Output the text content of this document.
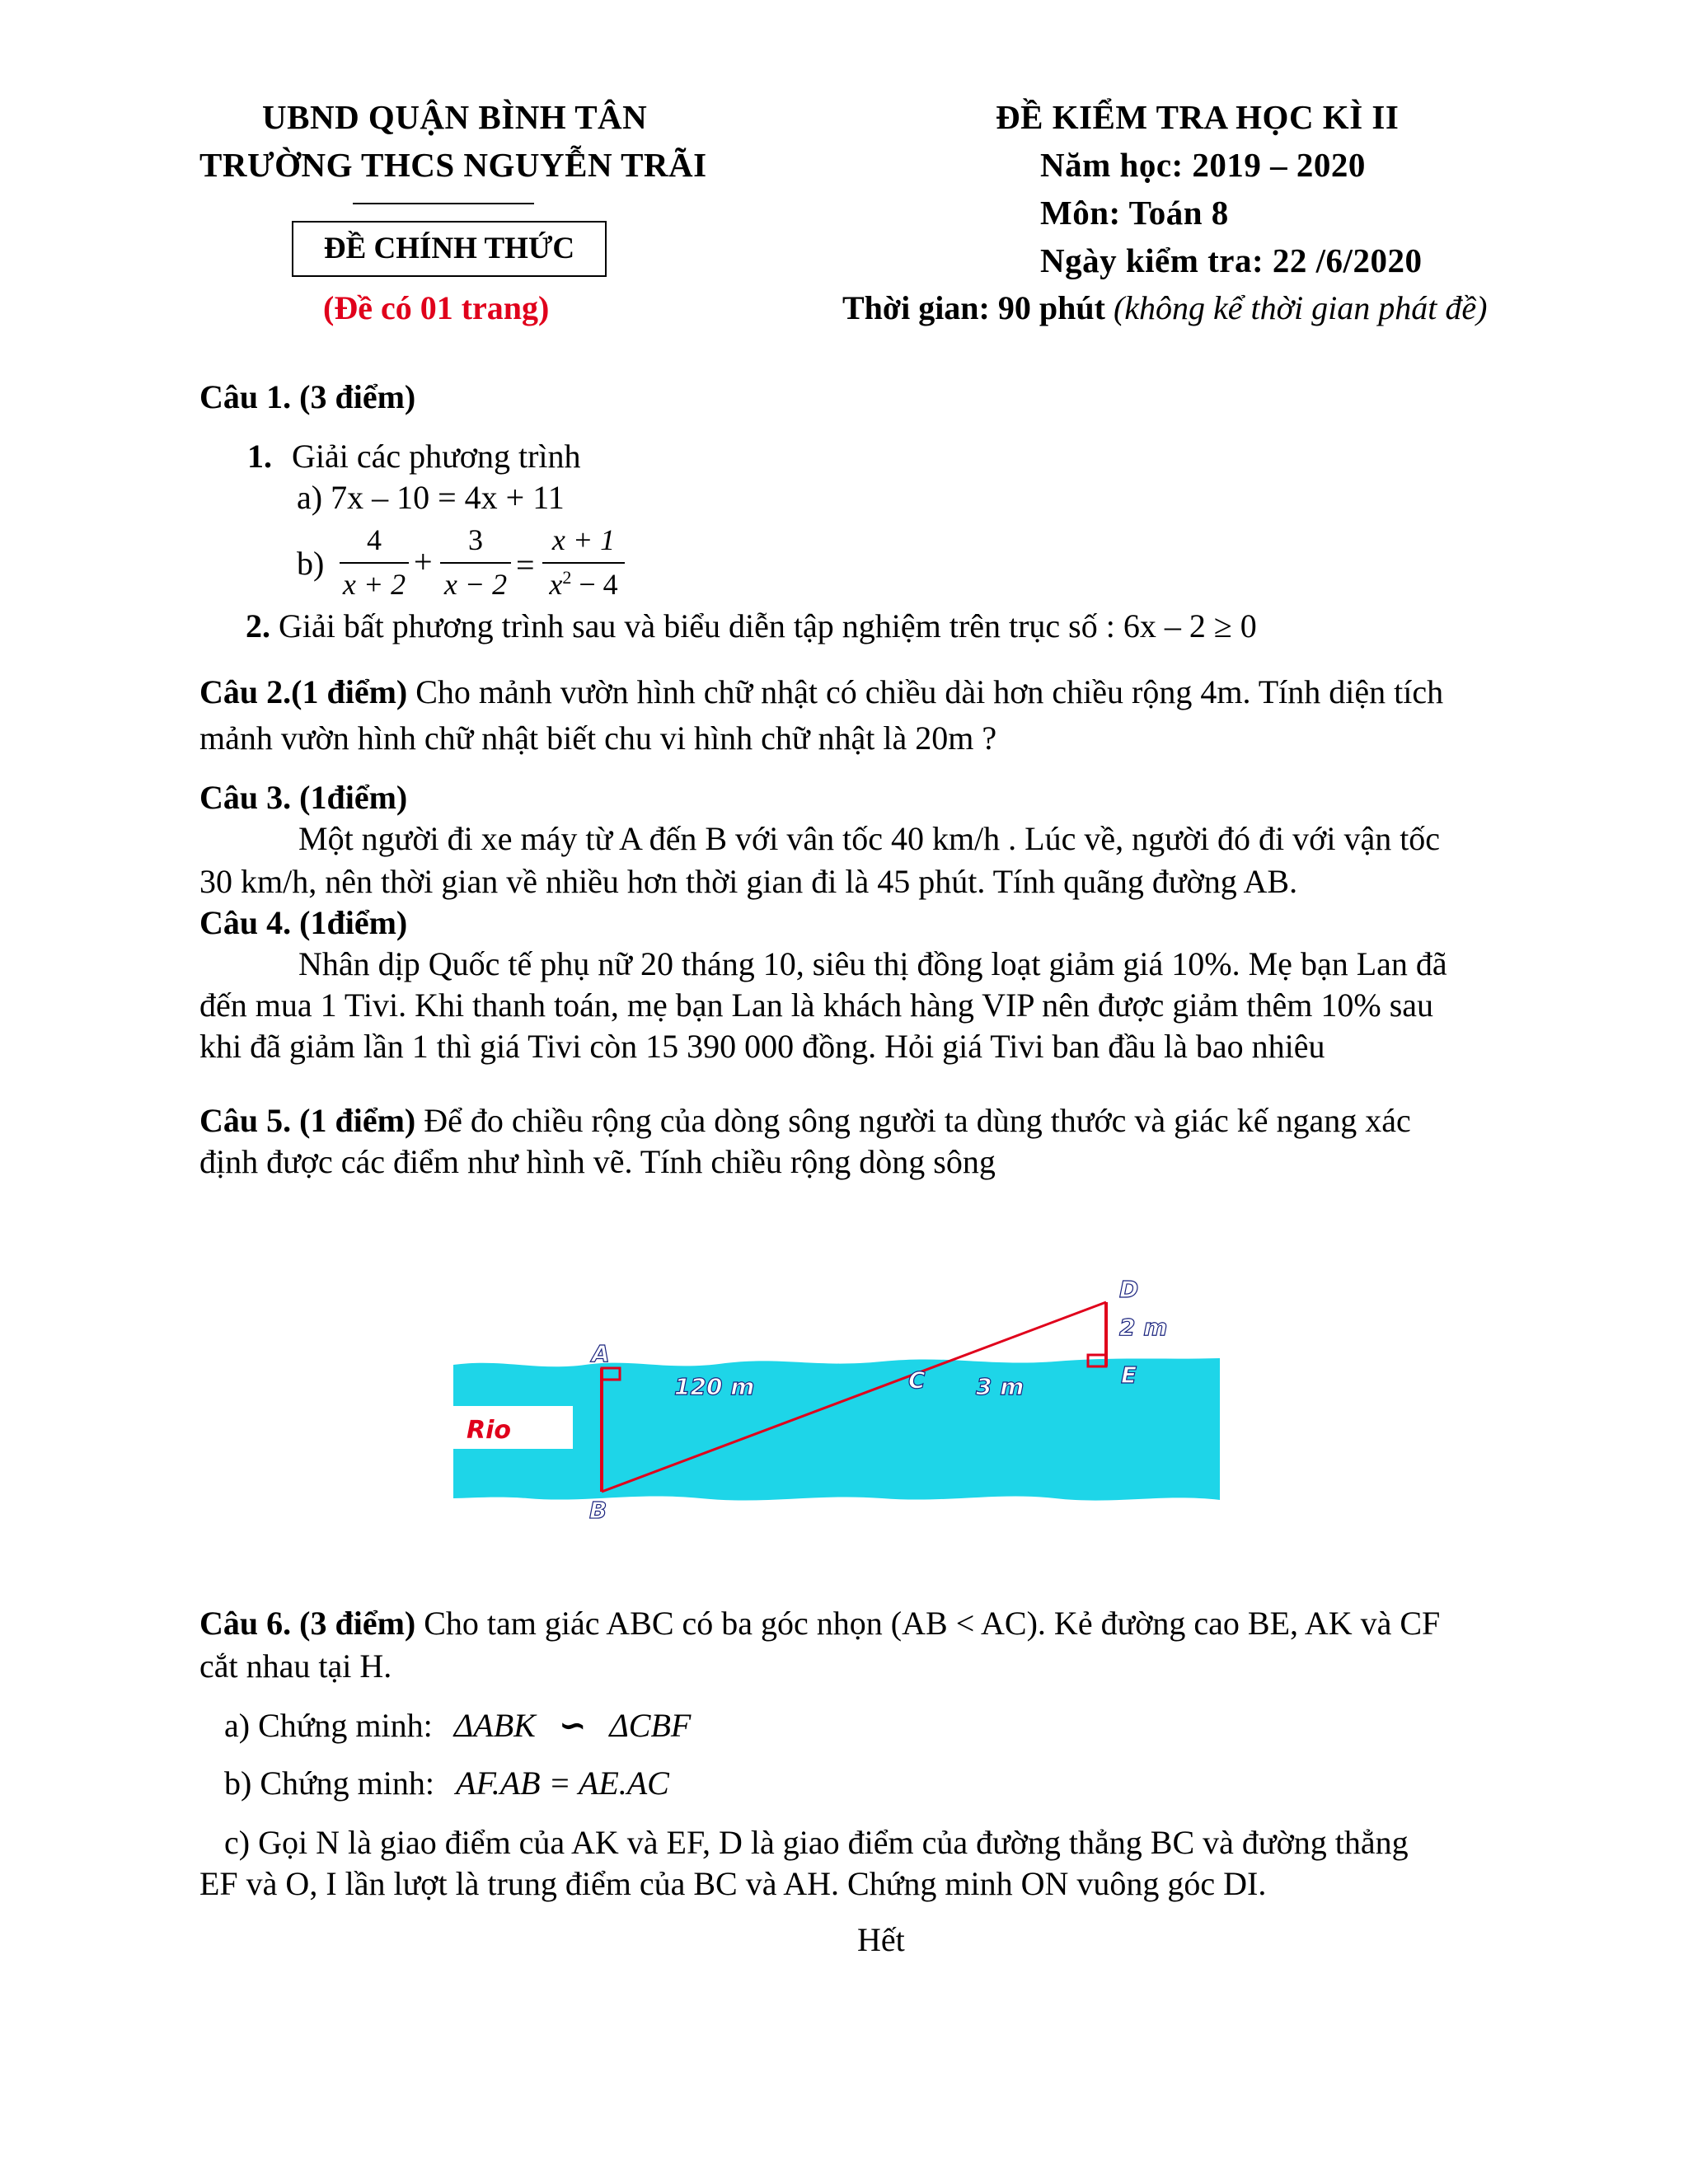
UBND QUẬN BÌNH TÂN
TRƯỜNG THCS NGUYỄN TRÃI
ĐỀ CHÍNH THỨC
(Đề có 01 trang)
ĐỀ KIỂM TRA HỌC KÌ II
Năm học: 2019 – 2020
Môn: Toán 8
Ngày kiểm tra: 22 /6/2020
Thời gian: 90 phút (không kể thời gian phát đề)
Câu 1. (3 điểm)
1. Giải các phương trình
a) 7x – 10 = 4x + 11
b)
4
x + 2
+
3
x − 2
=
x + 1
$x^2 - 4$
2. Giải bất phương trình sau và biểu diễn tập nghiệm trên trục số : 6x – 2 ≥ 0
Câu 2.(1 điểm) Cho mảnh vườn hình chữ nhật có chiều dài hơn chiều rộng 4m. Tính diện tích
mảnh vườn hình chữ nhật biết chu vi hình chữ nhật là 20m ?
Câu 3. (1điểm)
Một người đi xe máy từ A đến B với vân tốc 40 km/h . Lúc về, người đó đi với vận tốc
30 km/h, nên thời gian về nhiều hơn thời gian đi là 45 phút. Tính quãng đường AB.
Câu 4. (1điểm)
Nhân dịp Quốc tế phụ nữ 20 tháng 10, siêu thị đồng loạt giảm giá 10%. Mẹ bạn Lan đã
đến mua 1 Tivi. Khi thanh toán, mẹ bạn Lan là khách hàng VIP nên được giảm thêm 10% sau
khi đã giảm lần 1 thì giá Tivi còn 15 390 000 đồng. Hỏi giá Tivi ban đầu là bao nhiêu
Câu 5. (1 điểm) Để đo chiều rộng của dòng sông người ta dùng thước và giác kế ngang xác
định được các điểm như hình vẽ. Tính chiều rộng dòng sông
Rio
A
B
C
D
E
120 m	3 m
2 m
Câu 6. (3 điểm) Cho tam giác ABC có ba góc nhọn (AB < AC). Kẻ đường cao BE, AK và CF
cắt nhau tại H.
a) Chứng minh: ΔABK ∽ ΔCBF
b) Chứng minh: AF.AB = AE.AC
c) Gọi N là giao điểm của AK và EF, D là giao điểm của đường thẳng BC và đường thẳng
EF và O, I lần lượt là trung điểm của BC và AH. Chứng minh ON vuông góc DI.
Hết
